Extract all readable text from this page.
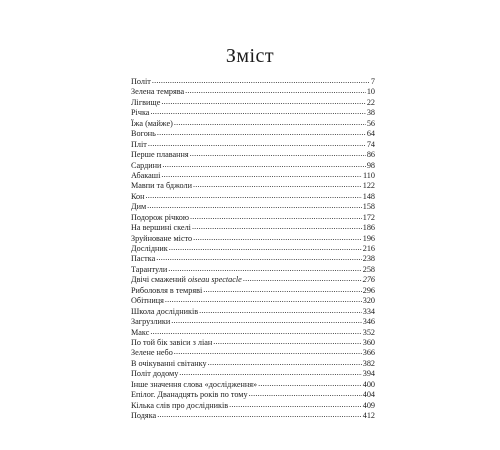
Зміст
Політ .....	7
Зелена темрява .....	10
Лігвище .....	22
Річка .....	38
Їжа (майже) .....	56
Вогонь .....	64
Пліт .....	74
Перше плавання .....	86
Сардини .....	98
Абакаші .....	110
Мавпи та бджоли .....	122
Кон .....	148
Дим .....	158
Подорож річкою .....	172
На вершині скелі .....	186
Зруйноване місто .....	196
Дослідник .....	216
Пастка .....	238
Тарантули .....	258
Двічі смажений oiseau spectacle .....	276
Риболовля в темряві .....	296
Обітниця .....	320
Школа дослідників .....	334
Загрузлики .....	346
Макс .....	352
По той бік завіси з ліан .....	360
Зелене небо .....	366
В очікуванні світанку .....	382
Політ додому .....	394
Інше значення слова «дослідження» .....	400
Епілог. Дванадцять років по тому .....	404
Кілька слів про дослідників .....	409
Подяка .....	412
